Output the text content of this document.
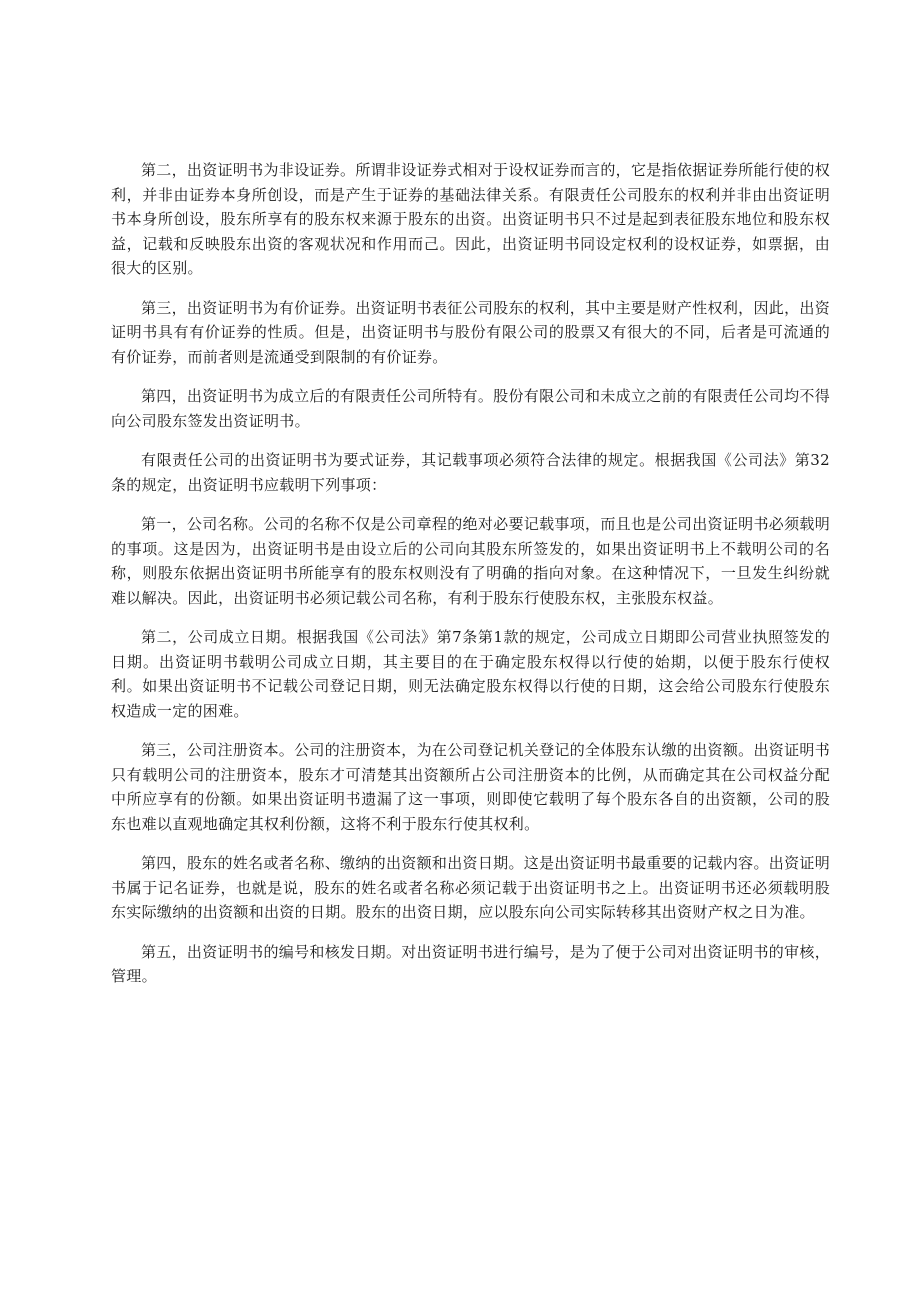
第二，出资证明书为非设证券。所谓非设证券式相对于设权证券而言的，它是指依据证券所能行使的权利，并非由证券本身所创设，而是产生于证券的基础法律关系。有限责任公司股东的权利并非由出资证明书本身所创设，股东所享有的股东权来源于股东的出资。出资证明书只不过是起到表征股东地位和股东权益，记载和反映股东出资的客观状况和作用而己。因此，出资证明书同设定权利的设权证券，如票据，由很大的区别。

第三，出资证明书为有价证券。出资证明书表征公司股东的权利，其中主要是财产性权利，因此，出资证明书具有有价证券的性质。但是，出资证明书与股份有限公司的股票又有很大的不同，后者是可流通的有价证券，而前者则是流通受到限制的有价证券。

第四，出资证明书为成立后的有限责任公司所特有。股份有限公司和未成立之前的有限责任公司均不得向公司股东签发出资证明书。

有限责任公司的出资证明书为要式证券，其记载事项必须符合法律的规定。根据我国《公司法》第32条的规定，出资证明书应载明下列事项：

第一，公司名称。公司的名称不仅是公司章程的绝对必要记载事项，而且也是公司出资证明书必须载明的事项。这是因为，出资证明书是由设立后的公司向其股东所签发的，如果出资证明书上不载明公司的名称，则股东依据出资证明书所能享有的股东权则没有了明确的指向对象。在这种情况下，一旦发生纠纷就难以解决。因此，出资证明书必须记载公司名称，有利于股东行使股东权，主张股东权益。

第二，公司成立日期。根据我国《公司法》第7条第1款的规定，公司成立日期即公司营业执照签发的日期。出资证明书载明公司成立日期，其主要目的在于确定股东权得以行使的始期，以便于股东行使权利。如果出资证明书不记载公司登记日期，则无法确定股东权得以行使的日期，这会给公司股东行使股东权造成一定的困难。

第三，公司注册资本。公司的注册资本，为在公司登记机关登记的全体股东认缴的出资额。出资证明书只有载明公司的注册资本，股东才可清楚其出资额所占公司注册资本的比例，从而确定其在公司权益分配中所应享有的份额。如果出资证明书遗漏了这一事项，则即使它载明了每个股东各自的出资额，公司的股东也难以直观地确定其权利份额，这将不利于股东行使其权利。

第四，股东的姓名或者名称、缴纳的出资额和出资日期。这是出资证明书最重要的记载内容。出资证明书属于记名证券，也就是说，股东的姓名或者名称必须记载于出资证明书之上。出资证明书还必须载明股东实际缴纳的出资额和出资的日期。股东的出资日期，应以股东向公司实际转移其出资财产权之日为准。

第五，出资证明书的编号和核发日期。对出资证明书进行编号，是为了便于公司对出资证明书的审核，管理。
